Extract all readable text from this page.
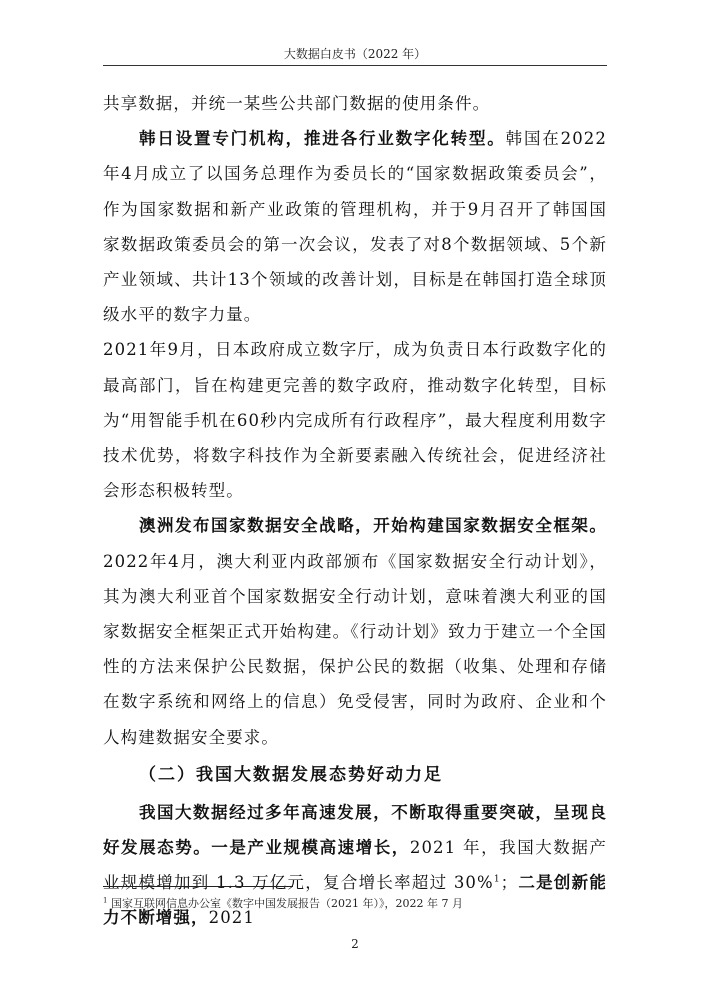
大数据白皮书（2022 年）

共享数据，并统一某些公共部门数据的使用条件。

韩日设置专门机构，推进各行业数字化转型。韩国在2022年4月成立了以国务总理作为委员长的“国家数据政策委员会”，作为国家数据和新产业政策的管理机构，并于9月召开了韩国国家数据政策委员会的第一次会议，发表了对8个数据领域、5个新产业领域、共计13个领域的改善计划，目标是在韩国打造全球顶级水平的数字力量。

2021年9月，日本政府成立数字厅，成为负责日本行政数字化的最高部门，旨在构建更完善的数字政府，推动数字化转型，目标为“用智能手机在60秒内完成所有行政程序”，最大程度利用数字技术优势，将数字科技作为全新要素融入传统社会，促进经济社会形态积极转型。

澳洲发布国家数据安全战略，开始构建国家数据安全框架。2022年4月，澳大利亚内政部颁布《国家数据安全行动计划》，其为澳大利亚首个国家数据安全行动计划，意味着澳大利亚的国家数据安全框架正式开始构建。《行动计划》致力于建立一个全国性的方法来保护公民数据，保护公民的数据（收集、处理和存储在数字系统和网络上的信息）免受侵害，同时为政府、企业和个人构建数据安全要求。

（二）我国大数据发展态势好动力足

我国大数据经过多年高速发展，不断取得重要突破，呈现良好发展态势。一是产业规模高速增长，2021 年，我国大数据产业规模增加到 1.3 万亿元，复合增长率超过 30%$^1$；二是创新能力不断增强，2021

$^1$ 国家互联网信息办公室《数字中国发展报告（2021 年）》，2022 年 7 月
2
